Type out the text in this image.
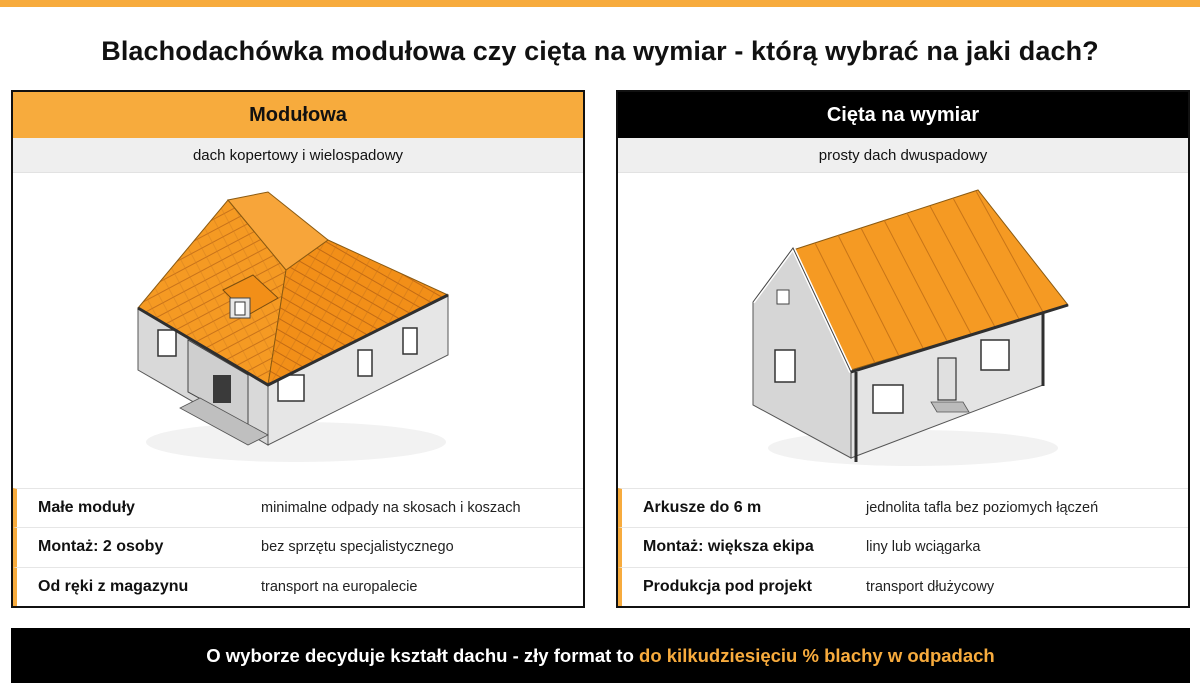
Blachodachówka modułowa czy cięta na wymiar - którą wybrać na jaki dach?
Modułowa
dach kopertowy i wielospadowy
Małe moduły	minimalne odpady na skosach i koszach
Montaż: 2 osoby	bez sprzętu specjalistycznego
Od ręki z magazynu	transport na europalecie
Cięta na wymiar
prosty dach dwuspadowy
Arkusze do 6 m	jednolita tafla bez poziomych łączeń
Montaż: większa ekipa	liny lub wciągarka
Produkcja pod projekt	transport dłużycowy
O wyborze decyduje kształt dachu - zły format to do kilkudziesięciu % blachy w odpadach
